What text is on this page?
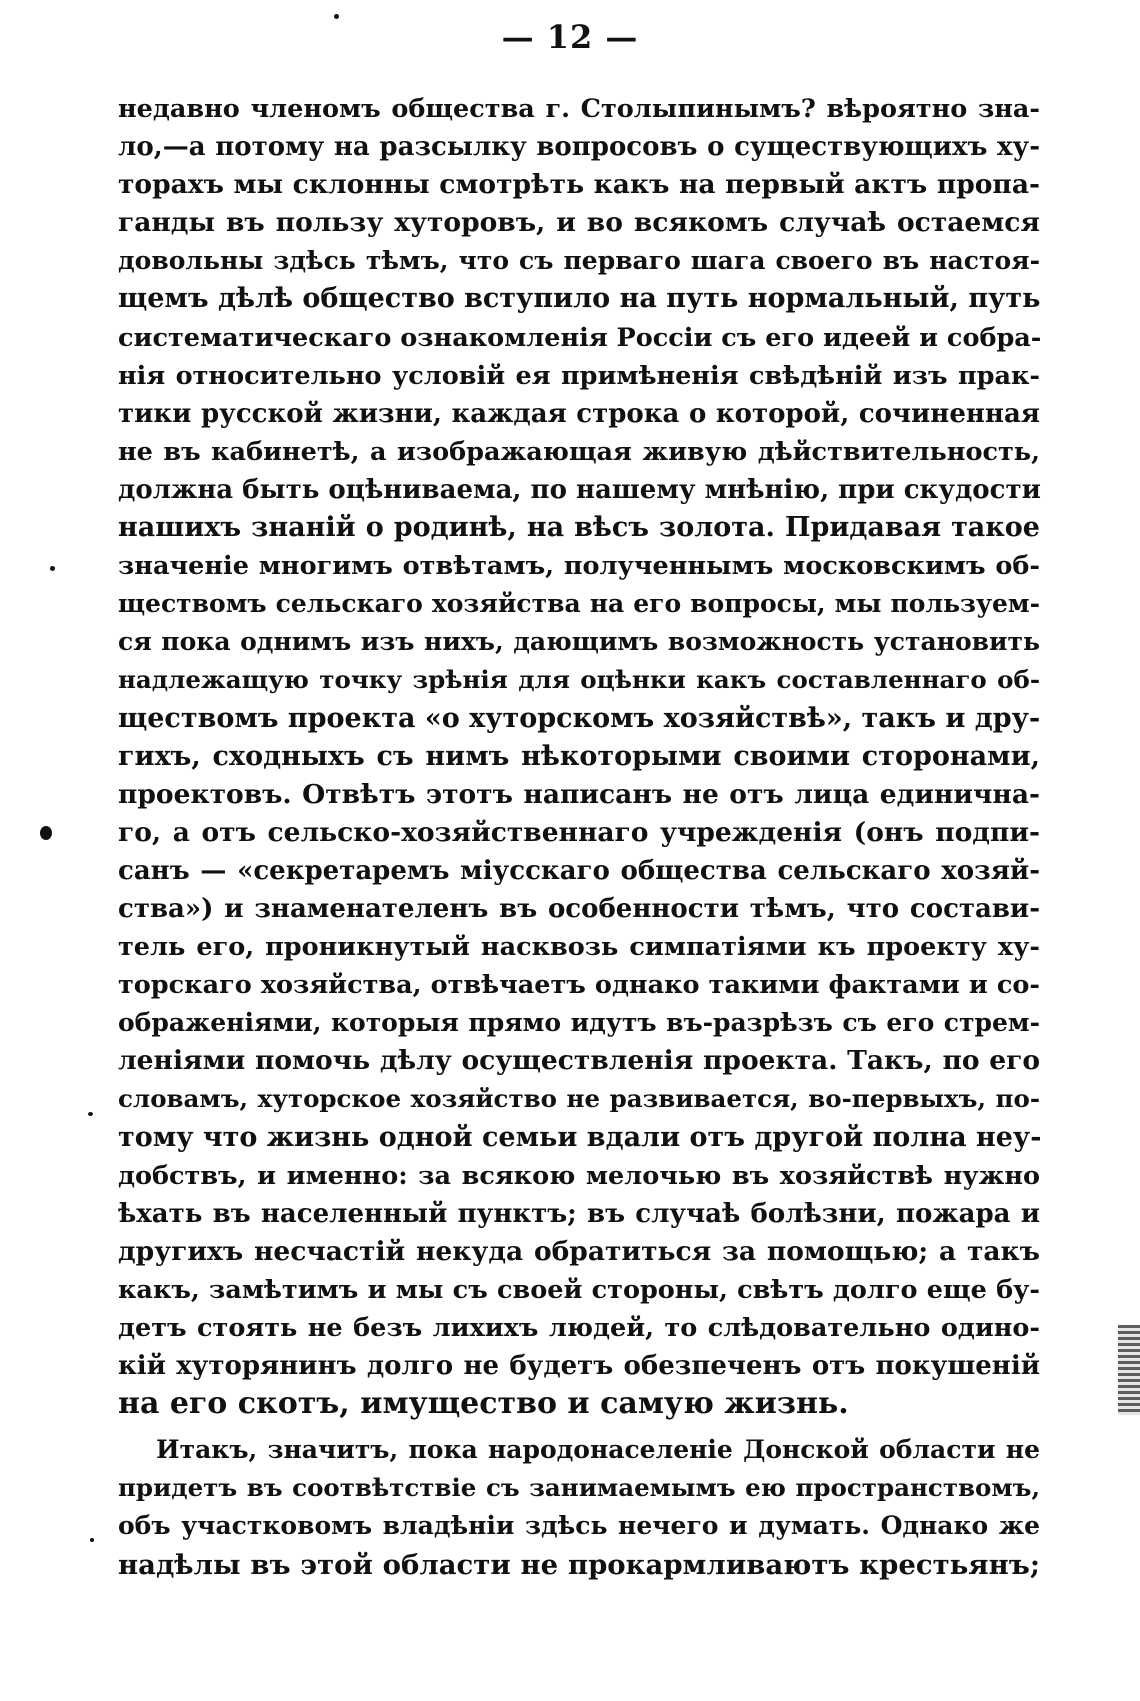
— 12 —
недавно членомъ общества г. Столыпинымъ? вѣроятно зна-
ло,—а потому на разсылку вопросовъ о существующихъ ху-
торахъ мы склонны смотрѣть какъ на первый актъ пропа-
ганды въ пользу хуторовъ, и во всякомъ случаѣ остаемся
довольны здѣсь тѣмъ, что съ перваго шага своего въ настоя-
щемъ дѣлѣ общество вступило на путь нормальный, путь
систематическаго ознакомленія Россіи съ его идеей и собра-
нія относительно условій ея примѣненія свѣдѣній изъ прак-
тики русской жизни, каждая строка о которой, сочиненная
не въ кабинетѣ, а изображающая живую дѣйствительность,
должна быть оцѣниваема, по нашему мнѣнію, при скудости
нашихъ знаній о родинѣ, на вѣсъ золота. Придавая такое
значеніе многимъ отвѣтамъ, полученнымъ московскимъ об-
ществомъ сельскаго хозяйства на его вопросы, мы пользуем-
ся пока однимъ изъ нихъ, дающимъ возможность установить
надлежащую точку зрѣнія для оцѣнки какъ составленнаго об-
ществомъ проекта «о хуторскомъ хозяйствѣ», такъ и дру-
гихъ, сходныхъ съ нимъ нѣкоторыми своими сторонами,
проектовъ. Отвѣтъ этотъ написанъ не отъ лица единична-
го, а отъ сельско-хозяйственнаго учрежденія (онъ подпи-
санъ — «секретаремъ міусскаго общества сельскаго хозяй-
ства») и знаменателенъ въ особенности тѣмъ, что состави-
тель его, проникнутый насквозь симпатіями къ проекту ху-
торскаго хозяйства, отвѣчаетъ однако такими фактами и со-
ображеніями, которыя прямо идутъ въ-разрѣзъ съ его стрем-
леніями помочь дѣлу осуществленія проекта. Такъ, по его
словамъ, хуторское хозяйство не развивается, во-первыхъ, по-
тому что жизнь одной семьи вдали отъ другой полна неу-
добствъ, и именно: за всякою мелочью въ хозяйствѣ нужно
ѣхать въ населенный пунктъ; въ случаѣ болѣзни, пожара и
другихъ несчастій некуда обратиться за помощью; а такъ
какъ, замѣтимъ и мы съ своей стороны, свѣтъ долго еще бу-
детъ стоять не безъ лихихъ людей, то слѣдовательно одино-
кій хуторянинъ долго не будетъ обезпеченъ отъ покушеній
на его скотъ, имущество и самую жизнь.
Итакъ, значитъ, пока народонаселеніе Донской области не
придетъ въ соотвѣтствіе съ занимаемымъ ею пространствомъ,
объ участковомъ владѣніи здѣсь нечего и думать. Однако же
надѣлы въ этой области не прокармливаютъ крестьянъ;
